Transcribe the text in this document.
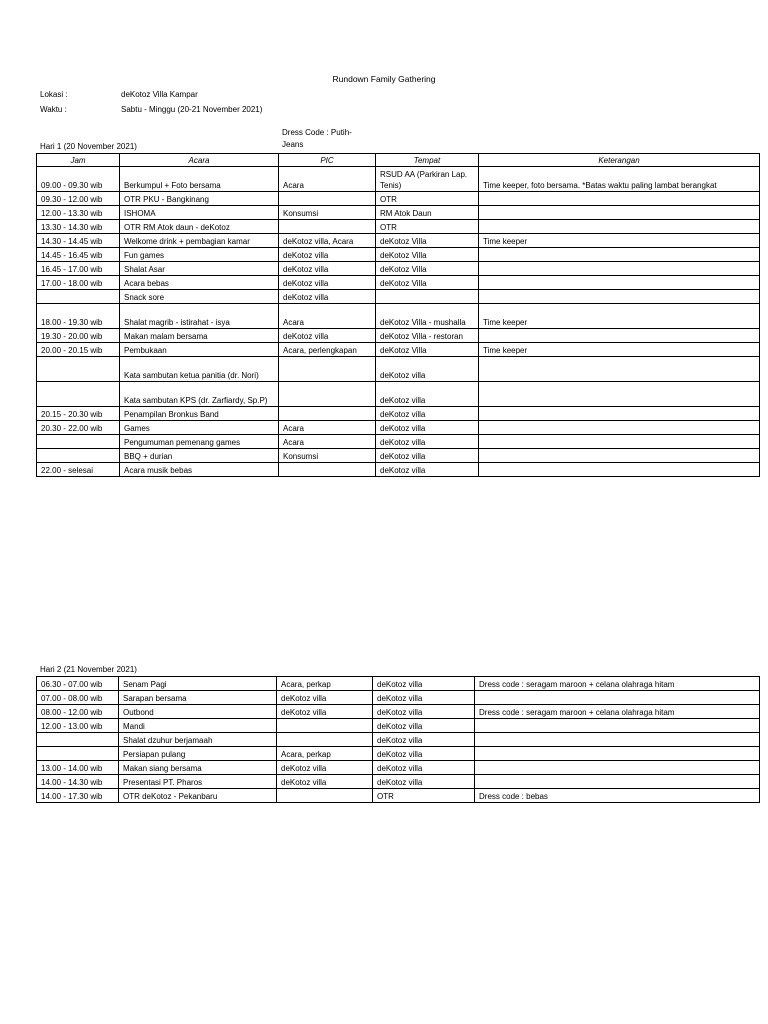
Rundown Family Gathering
Lokasi :	deKotoz Villa Kampar
Waktu :	Sabtu - Minggu (20-21 November 2021)
Dress Code : Putih-Jeans
Hari 1 (20 November 2021)
Jam	Acara	PIC	Tempat	Keterangan
09.00 - 09.30 wib	Berkumpul + Foto bersama	Acara	RSUD AA (Parkiran Lap. Tenis)	Time keeper, foto bersama. *Batas waktu paling lambat berangkat
09.30 - 12.00 wib	OTR PKU - Bangkinang		OTR	
12.00 - 13.30 wib	ISHOMA	Konsumsi	RM Atok Daun	
13.30 - 14.30 wib	OTR RM Atok daun - deKotoz		OTR	
14.30 - 14.45 wib	Welkome drink + pembagian kamar	deKotoz villa, Acara	deKotoz Villa	Time keeper
14.45 - 16.45 wib	Fun games	deKotoz villa	deKotoz Villa	
16.45 - 17.00 wib	Shalat Asar	deKotoz villa	deKotoz Villa	
17.00 - 18.00 wib	Acara bebas	deKotoz villa	deKotoz Villa	
	Snack sore	deKotoz villa		
18.00 - 19.30 wib	Shalat magrib - istirahat - isya	Acara	deKotoz Villa - mushalla	Time keeper
19.30 - 20.00 wib	Makan malam bersama	deKotoz villa	deKotoz Villa - restoran	
20.00 - 20.15 wib	Pembukaan	Acara, perlengkapan	deKotoz Villa	Time keeper
	Kata sambutan ketua panitia (dr. Nori)		deKotoz villa	
	Kata sambutan KPS (dr. Zarfiardy, Sp.P)		deKotoz villa	
20.15 - 20.30 wib	Penampilan Bronkus Band		deKotoz villa	
20.30 - 22.00 wib	Games	Acara	deKotoz villa	
	Pengumuman pemenang games	Acara	deKotoz villa	
	BBQ + durian	Konsumsi	deKotoz villa	
22.00 - selesai	Acara musik bebas		deKotoz villa	
Hari 2 (21 November 2021)
06.30 - 07.00 wib	Senam Pagi	Acara, perkap	deKotoz villa	Dress code : seragam maroon + celana olahraga hitam
07.00 - 08.00 wib	Sarapan bersama	deKotoz villa	deKotoz villa	
08.00 - 12.00 wib	Outbond	deKotoz villa	deKotoz villa	Dress code : seragam maroon + celana olahraga hitam
12.00 - 13.00 wib	Mandi		deKotoz villa	
	Shalat dzuhur berjamaah		deKotoz villa	
	Persiapan pulang	Acara, perkap	deKotoz villa	
13.00 - 14.00 wib	Makan siang bersama	deKotoz villa	deKotoz villa	
14.00 - 14.30 wib	Presentasi PT. Pharos	deKotoz villa	deKotoz villa	
14.00 - 17.30 wib	OTR deKotoz - Pekanbaru		OTR	Dress code : bebas
